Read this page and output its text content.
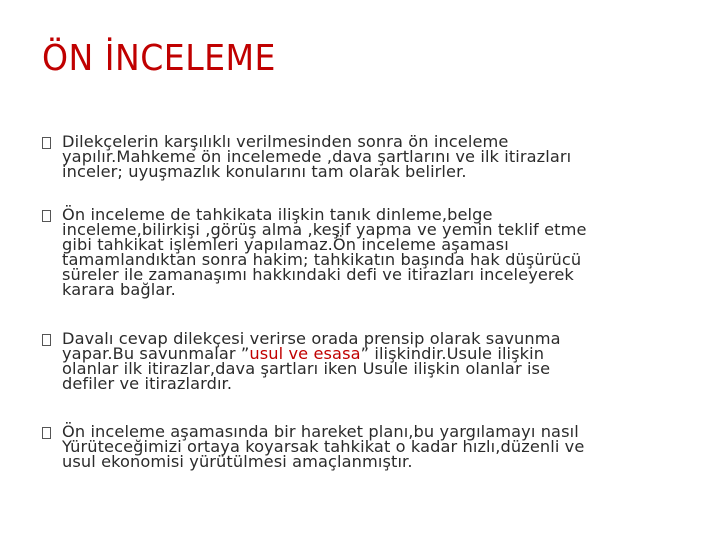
ÖN İNCELEME
Dilekçelerin karşılıklı verilmesinden sonra ön inceleme
yapılır.Mahkeme ön incelemede ,dava şartlarını ve ilk itirazları
inceler; uyuşmazlık konularını tam olarak belirler.
Ön inceleme de tahkikata ilişkin tanık dinleme,belge
inceleme,bilirkişi ,görüş alma ,keşif yapma ve yemin teklif etme
gibi tahkikat işlemleri yapılamaz.Ön inceleme aşaması
tamamlandıktan sonra hakim; tahkikatın başında hak düşürücü
süreler ile zamanaşımı hakkındaki defi ve itirazları inceleyerek
karara bağlar.
Davalı cevap dilekçesi verirse orada prensip olarak savunma
yapar.Bu savunmalar ”usul ve esasa” ilişkindir.Usule ilişkin
olanlar ilk itirazlar,dava şartları iken Usule ilişkin olanlar ise
defiler ve itirazlardır.
Ön inceleme aşamasında bir hareket planı,bu yargılamayı nasıl
Yürüteceğimizi ortaya koyarsak tahkikat o kadar hızlı,düzenli ve
usul ekonomisi yürütülmesi amaçlanmıştır.
